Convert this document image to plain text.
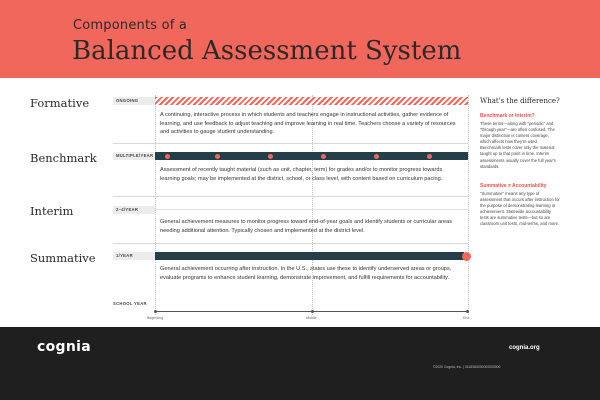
Components of a
Balanced Assessment System
Formative	ONGOING
A continuing, interactive process in which students and teachers engage in instructional activities, gather evidence of learning, and use feedback to adjust teaching and improve learning in real time. Teachers choose a variety of resources and activities to gauge student understanding.
Benchmark	MULTIPLE/YEAR
Assessment of recently taught material (such as unit, chapter, term) for grades and/or to monitor progress towards learning goals; may be implemented at the district, school, or class level, with content based on curriculum pacing.
Interim	2–4/YEAR
General achievement measures to monitor progress toward end-of-year goals and identify students or curricular areas needing additional attention. Typically chosen and implemented at the district level.
Summative	1/YEAR
General achievement occurring after instruction. In the U.S., states use these to identify underserved areas or groups, evaluate programs to enhance student learning, demonstrate improvement, and fulfill requirements for accountability.
SCHOOL YEAR
Beginning	Middle	End
What's the difference?
Benchmark or Interim?
These terms—along with "periodic" and "through year"—are often confused. The major distinction is content coverage, which affects how they're used. Benchmark tests cover only the material taught up to that point in time. Interim assessments usually cover the full year's standards.
Summative ≠ Accountability
"Summative" means any type of assessment that occurs after instruction for the purpose of demonstrating learning or achievement. Statewide accountability tests are summative tests—but so are classroom unit tests, mid-terms, and more.
cognia	cognia.org
©2020 Cognia, Inc. | 0118384030000000000
